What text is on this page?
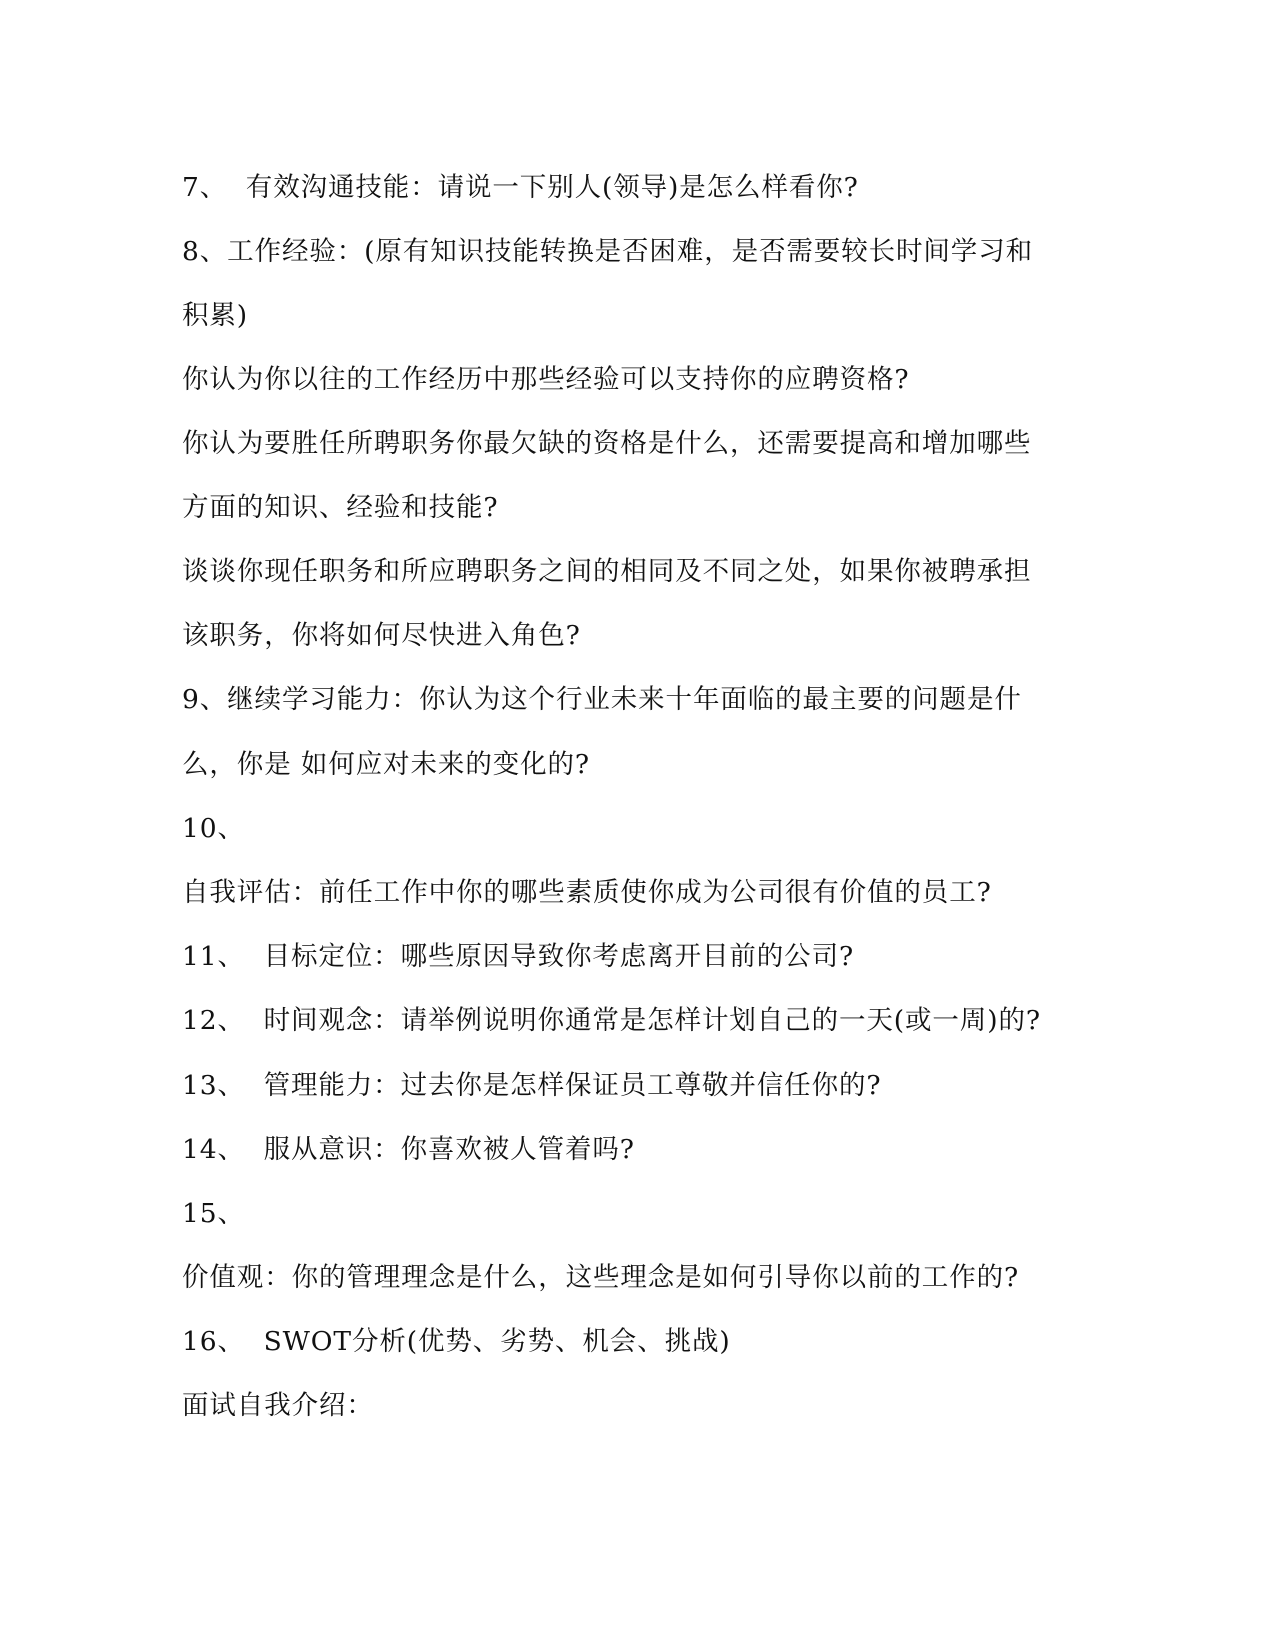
7、  有效沟通技能：请说一下别人(领导)是怎么样看你?

8、工作经验：(原有知识技能转换是否困难，是否需要较长时间学习和

积累)

你认为你以往的工作经历中那些经验可以支持你的应聘资格?

你认为要胜任所聘职务你最欠缺的资格是什么，还需要提高和增加哪些

方面的知识、经验和技能?

谈谈你现任职务和所应聘职务之间的相同及不同之处，如果你被聘承担

该职务，你将如何尽快进入角色?

9、继续学习能力：你认为这个行业未来十年面临的最主要的问题是什

么，你是 如何应对未来的变化的?

10、

自我评估：前任工作中你的哪些素质使你成为公司很有价值的员工?

11、  目标定位：哪些原因导致你考虑离开目前的公司?

12、  时间观念：请举例说明你通常是怎样计划自己的一天(或一周)的?

13、  管理能力：过去你是怎样保证员工尊敬并信任你的?

14、  服从意识：你喜欢被人管着吗?

15、

价值观：你的管理理念是什么，这些理念是如何引导你以前的工作的?

16、  SWOT分析(优势、劣势、机会、挑战)

面试自我介绍：
